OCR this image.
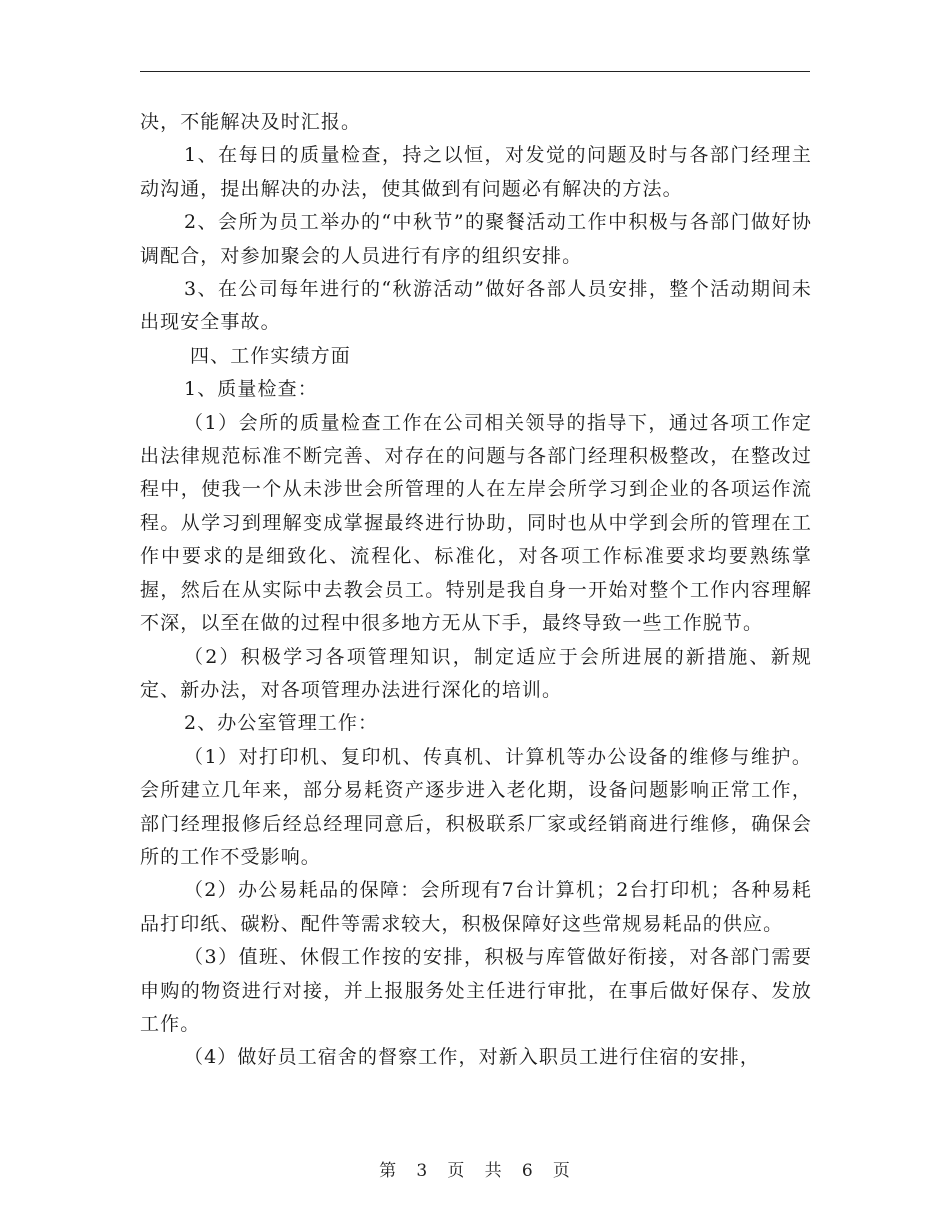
决，不能解决及时汇报。

1、在每日的质量检查，持之以恒，对发觉的问题及时与各部门经理主动沟通，提出解决的办法，使其做到有问题必有解决的方法。

2、会所为员工举办的“中秋节”的聚餐活动工作中积极与各部门做好协调配合，对参加聚会的人员进行有序的组织安排。

3、在公司每年进行的“秋游活动”做好各部人员安排，整个活动期间未出现安全事故。

四、工作实绩方面

1、质量检查：

（1）会所的质量检查工作在公司相关领导的指导下，通过各项工作定出法律规范标准不断完善、对存在的问题与各部门经理积极整改，在整改过程中，使我一个从未涉世会所管理的人在左岸会所学习到企业的各项运作流程。从学习到理解变成掌握最终进行协助，同时也从中学到会所的管理在工作中要求的是细致化、流程化、标准化，对各项工作标准要求均要熟练掌握，然后在从实际中去教会员工。特别是我自身一开始对整个工作内容理解不深，以至在做的过程中很多地方无从下手，最终导致一些工作脱节。

（2）积极学习各项管理知识，制定适应于会所进展的新措施、新规定、新办法，对各项管理办法进行深化的培训。

2、办公室管理工作：

（1）对打印机、复印机、传真机、计算机等办公设备的维修与维护。会所建立几年来，部分易耗资产逐步进入老化期，设备问题影响正常工作，部门经理报修后经总经理同意后，积极联系厂家或经销商进行维修，确保会所的工作不受影响。

（2）办公易耗品的保障：会所现有7台计算机；2台打印机；各种易耗品打印纸、碳粉、配件等需求较大，积极保障好这些常规易耗品的供应。

（3）值班、休假工作按的安排，积极与库管做好衔接，对各部门需要申购的物资进行对接，并上报服务处主任进行审批，在事后做好保存、发放工作。

（4）做好员工宿舍的督察工作，对新入职员工进行住宿的安排，

第 3 页 共 6 页
